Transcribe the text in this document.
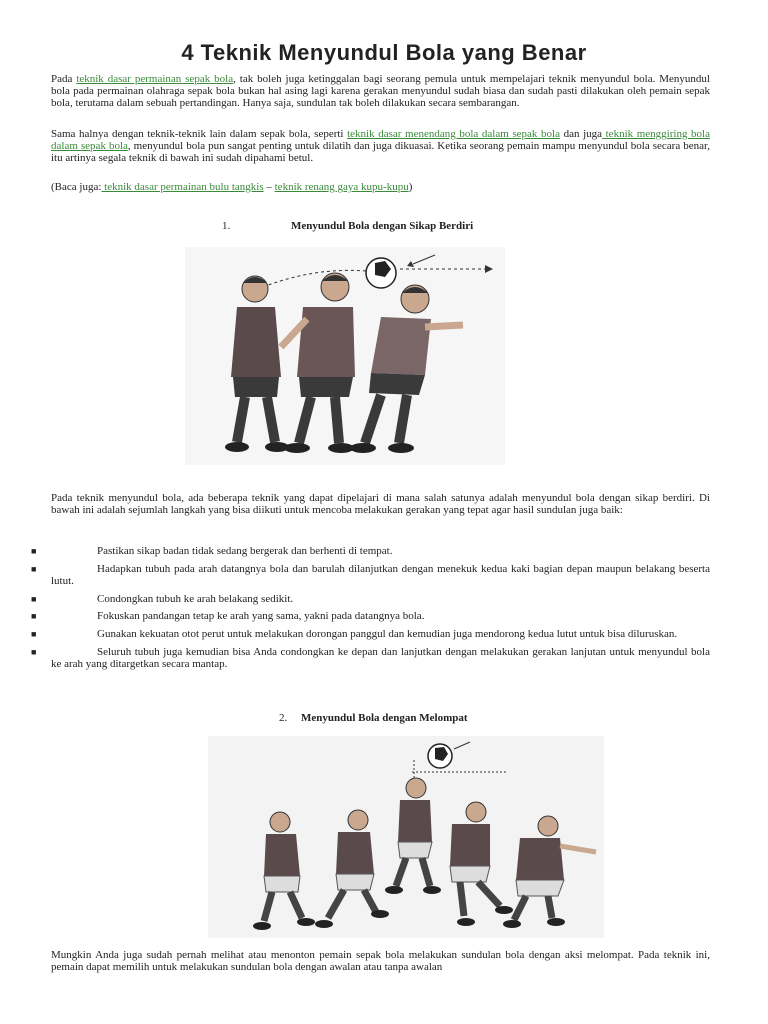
4 Teknik Menyundul Bola yang Benar

Pada teknik dasar permainan sepak bola, tak boleh juga ketinggalan bagi seorang pemula untuk mempelajari teknik menyundul bola. Menyundul bola pada permainan olahraga sepak bola bukan hal asing lagi karena gerakan menyundul sudah biasa dan sudah pasti dilakukan oleh pemain sepak bola, terutama dalam sebuah pertandingan. Hanya saja, sundulan tak boleh dilakukan secara sembarangan.

Sama halnya dengan teknik-teknik lain dalam sepak bola, seperti teknik dasar menendang bola dalam sepak bola dan juga teknik menggiring bola dalam sepak bola, menyundul bola pun sangat penting untuk dilatih dan juga dikuasai. Ketika seorang pemain mampu menyundul bola secara benar, itu artinya segala teknik di bawah ini sudah dipahami betul.

(Baca juga: teknik dasar permainan bulu tangkis – teknik renang gaya kupu-kupu)

1.	Menyundul Bola dengan Sikap Berdiri

Pada teknik menyundul bola, ada beberapa teknik yang dapat dipelajari di mana salah satunya adalah menyundul bola dengan sikap berdiri. Di bawah ini adalah sejumlah langkah yang bisa diikuti untuk mencoba melakukan gerakan yang tepat agar hasil sundulan juga baik:

■	Pastikan sikap badan tidak sedang bergerak dan berhenti di tempat.
■	Hadapkan tubuh pada arah datangnya bola dan barulah dilanjutkan dengan menekuk kedua kaki bagian depan maupun belakang beserta lutut.
■	Condongkan tubuh ke arah belakang sedikit.
■	Fokuskan pandangan tetap ke arah yang sama, yakni pada datangnya bola.
■	Gunakan kekuatan otot perut untuk melakukan dorongan panggul dan kemudian juga mendorong kedua lutut untuk bisa diluruskan.
■	Seluruh tubuh juga kemudian bisa Anda condongkan ke depan dan lanjutkan dengan melakukan gerakan lanjutan untuk menyundul bola ke arah yang ditargetkan secara mantap.
2. Menyundul Bola dengan Melompat

Mungkin Anda juga sudah pernah melihat atau menonton pemain sepak bola melakukan sundulan bola dengan aksi melompat. Pada teknik ini, pemain dapat memilih untuk melakukan sundulan bola dengan awalan atau tanpa awalan
